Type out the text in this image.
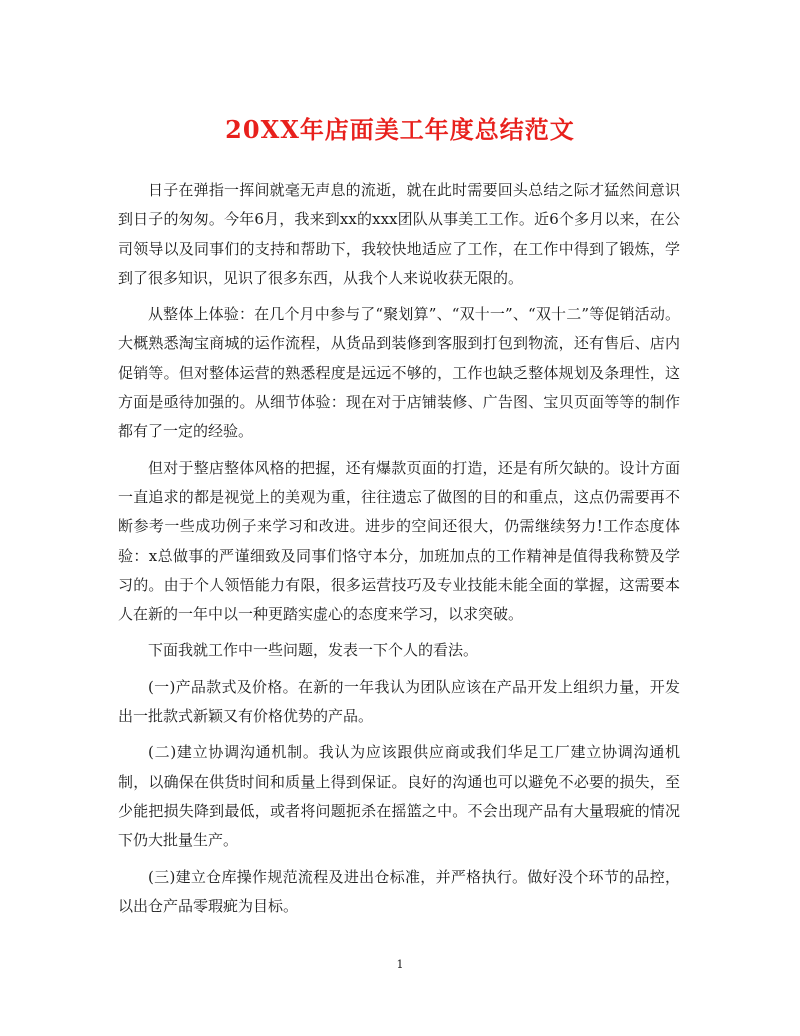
20XX年店面美工年度总结范文

日子在弹指一挥间就毫无声息的流逝，就在此时需要回头总结之际才猛然间意识到日子的匆匆。今年6月，我来到xx的xxx团队从事美工工作。近6个多月以来，在公司领导以及同事们的支持和帮助下，我较快地适应了工作，在工作中得到了锻炼，学到了很多知识，见识了很多东西，从我个人来说收获无限的。

从整体上体验：在几个月中参与了“聚划算”、“双十一”、“双十二”等促销活动。大概熟悉淘宝商城的运作流程，从货品到装修到客服到打包到物流，还有售后、店内促销等。但对整体运营的熟悉程度是远远不够的，工作也缺乏整体规划及条理性，这方面是亟待加强的。从细节体验：现在对于店铺装修、广告图、宝贝页面等等的制作都有了一定的经验。

但对于整店整体风格的把握，还有爆款页面的打造，还是有所欠缺的。设计方面一直追求的都是视觉上的美观为重，往往遗忘了做图的目的和重点，这点仍需要再不断参考一些成功例子来学习和改进。进步的空间还很大，仍需继续努力!工作态度体验：x总做事的严谨细致及同事们恪守本分，加班加点的工作精神是值得我称赞及学习的。由于个人领悟能力有限，很多运营技巧及专业技能未能全面的掌握，这需要本人在新的一年中以一种更踏实虚心的态度来学习，以求突破。

下面我就工作中一些问题，发表一下个人的看法。

(一)产品款式及价格。在新的一年我认为团队应该在产品开发上组织力量，开发出一批款式新颖又有价格优势的产品。

(二)建立协调沟通机制。我认为应该跟供应商或我们华足工厂建立协调沟通机制，以确保在供货时间和质量上得到保证。良好的沟通也可以避免不必要的损失，至少能把损失降到最低，或者将问题扼杀在摇篮之中。不会出现产品有大量瑕疵的情况下仍大批量生产。

(三)建立仓库操作规范流程及进出仓标准，并严格执行。做好没个环节的品控，以出仓产品零瑕疵为目标。

1
